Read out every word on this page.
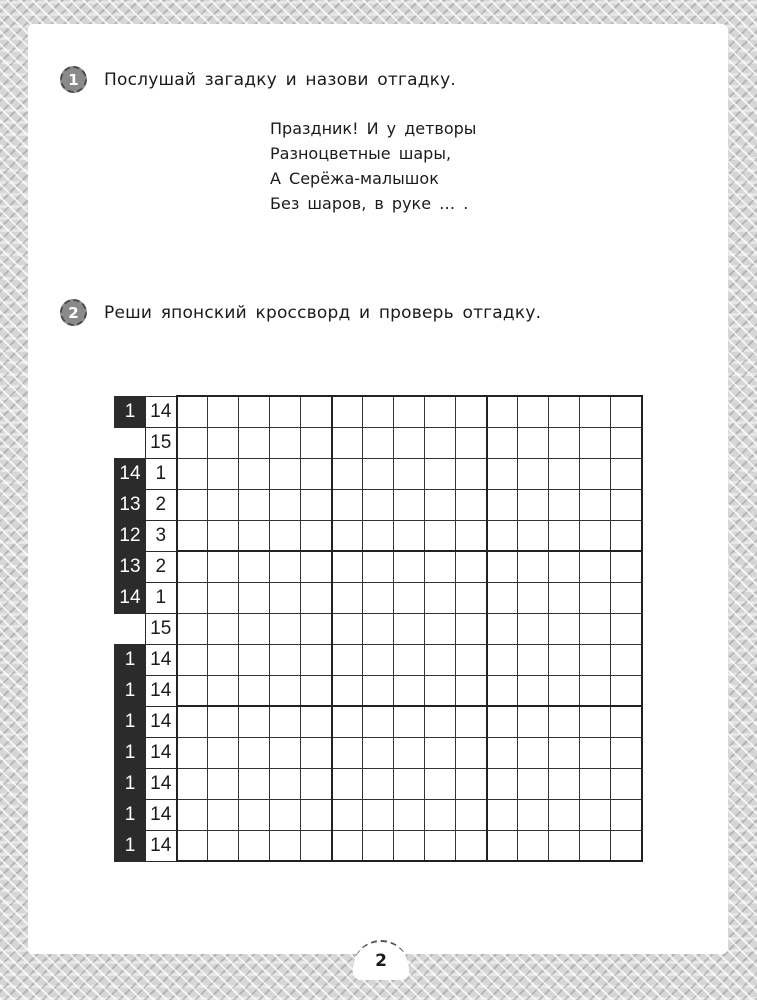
1	Послушай загадку и назови отгадку.
Праздник! И у детворы
Разноцветные шары,
А Серёжа-малышок
Без шаров, в руке … .
2	Реши японский кроссворд и проверь отгадку.
1	14															
	15															
14	1															
13	2															
12	3															
13	2															
14	1															
	15															
1	14															
1	14															
1	14															
1	14															
1	14															
1	14															
1	14															
2
